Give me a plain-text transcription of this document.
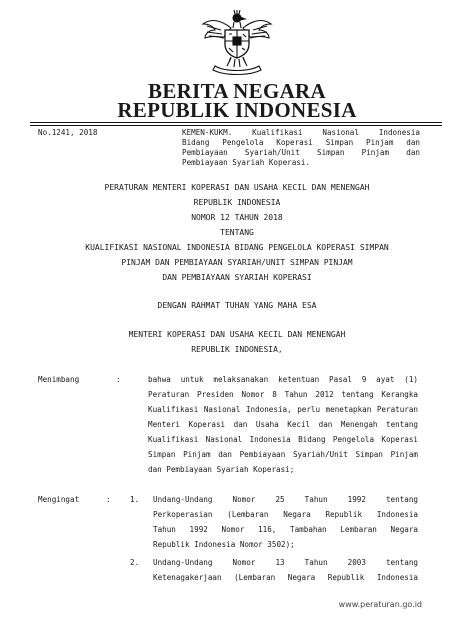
BERITA NEGARA
REPUBLIK INDONESIA
No.1241, 2018	KEMEN-KUKM. Kualifikasi Nasional Indonesia
Bidang Pengelola Koperasi Simpan Pinjam dan
Pembiayaan Syariah/Unit Simpan Pinjam dan
Pembiayaan Syariah Koperasi.
PERATURAN MENTERI KOPERASI DAN USAHA KECIL DAN MENENGAH
REPUBLIK INDONESIA
NOMOR 12 TAHUN 2018
TENTANG
KUALIFIKASI NASIONAL INDONESIA BIDANG PENGELOLA KOPERASI SIMPAN
PINJAM DAN PEMBIAYAAN SYARIAH/UNIT SIMPAN PINJAM
DAN PEMBIAYAAN SYARIAH KOPERASI
DENGAN RAHMAT TUHAN YANG MAHA ESA
MENTERI KOPERASI DAN USAHA KECIL DAN MENENGAH
REPUBLIK INDONESIA,
Menimbang	:	bahwa untuk melaksanakan ketentuan Pasal 9 ayat (1)
Peraturan Presiden Nomor 8 Tahun 2012 tentang Kerangka
Kualifikasi Nasional Indonesia, perlu menetapkan Peraturan
Menteri Koperasi dan Usaha Kecil dan Menengah tentang
Kualifikasi Nasional Indonesia Bidang Pengelola Koperasi
Simpan Pinjam dan Pembiayaan Syariah/Unit Simpan Pinjam
dan Pembiayaan Syariah Koperasi;
Mengingat	:	1. Undang-Undang Nomor 25 Tahun 1992 tentang
Perkoperasian (Lembaran Negara Republik Indonesia
Tahun 1992 Nomor 116, Tambahan Lembaran Negara
Republik Indonesia Nomor 3502);
2. Undang-Undang Nomor 13 Tahun 2003 tentang
Ketenagakerjaan (Lembaran Negara Republik Indonesia
www.peraturan.go.id
